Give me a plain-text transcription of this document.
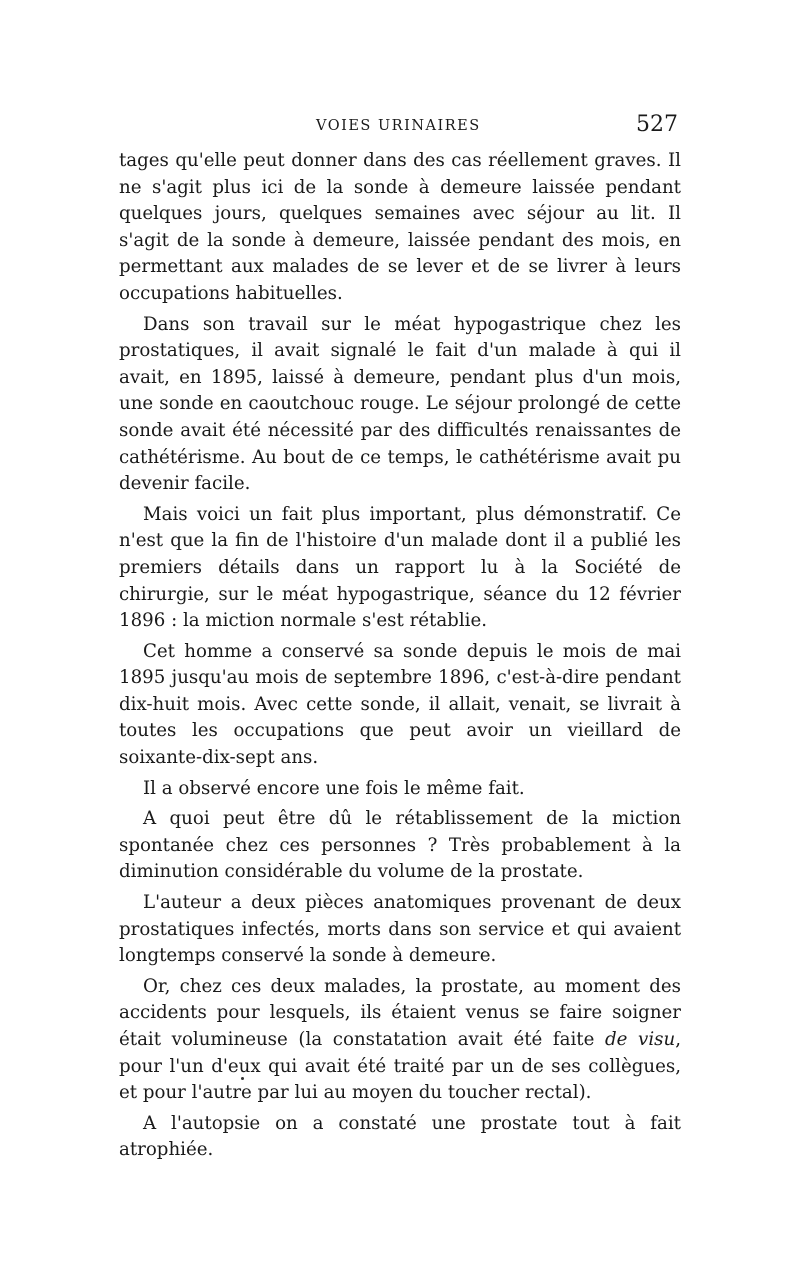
VOIES URINAIRES	527

tages qu'elle peut donner dans des cas réellement graves. Il ne s'agit plus ici de la sonde à demeure laissée pendant quelques jours, quelques semaines avec séjour au lit. Il s'agit de la sonde à demeure, laissée pendant des mois, en permettant aux malades de se lever et de se livrer à leurs occupations habituelles.

Dans son travail sur le méat hypogastrique chez les prostatiques, il avait signalé le fait d'un malade à qui il avait, en 1895, laissé à demeure, pendant plus d'un mois, une sonde en caoutchouc rouge. Le séjour prolongé de cette sonde avait été nécessité par des difficultés renaissantes de cathétérisme. Au bout de ce temps, le cathétérisme avait pu devenir facile.

Mais voici un fait plus important, plus démonstratif. Ce n'est que la fin de l'histoire d'un malade dont il a publié les premiers détails dans un rapport lu à la Société de chirurgie, sur le méat hypogastrique, séance du 12 février 1896 : la miction normale s'est rétablie.

Cet homme a conservé sa sonde depuis le mois de mai 1895 jusqu'au mois de septembre 1896, c'est-à-dire pendant dix-huit mois. Avec cette sonde, il allait, venait, se livrait à toutes les occupations que peut avoir un vieillard de soixante-dix-sept ans.

Il a observé encore une fois le même fait.

A quoi peut être dû le rétablissement de la miction spontanée chez ces personnes ? Très probablement à la diminution considérable du volume de la prostate.

L'auteur a deux pièces anatomiques provenant de deux prostatiques infectés, morts dans son service et qui avaient longtemps conservé la sonde à demeure.

Or, chez ces deux malades, la prostate, au moment des accidents pour lesquels, ils étaient venus se faire soigner était volumineuse (la constatation avait été faite de visu, pour l'un d'eux qui avait été traité par un de ses collègues, et pour l'autre par lui au moyen du toucher rectal).

A l'autopsie on a constaté une prostate tout à fait atrophiée.
